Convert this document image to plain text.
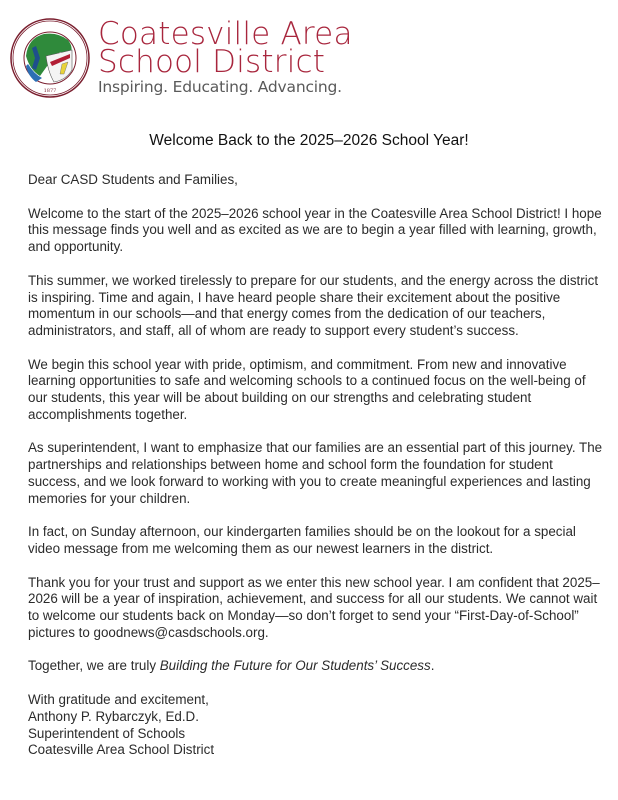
1877
Coatesville Area
School District
Inspiring. Educating. Advancing.
Welcome Back to the 2025–2026 School Year!

Dear CASD Students and Families,

Welcome to the start of the 2025–2026 school year in the Coatesville Area School District! I hope this message finds you well and as excited as we are to begin a year filled with learning, growth, and opportunity.

This summer, we worked tirelessly to prepare for our students, and the energy across the district is inspiring. Time and again, I have heard people share their excitement about the positive momentum in our schools—and that energy comes from the dedication of our teachers, administrators, and staff, all of whom are ready to support every student’s success.

We begin this school year with pride, optimism, and commitment. From new and innovative learning opportunities to safe and welcoming schools to a continued focus on the well-being of our students, this year will be about building on our strengths and celebrating student accomplishments together.

As superintendent, I want to emphasize that our families are an essential part of this journey. The partnerships and relationships between home and school form the foundation for student success, and we look forward to working with you to create meaningful experiences and lasting memories for your children.

In fact, on Sunday afternoon, our kindergarten families should be on the lookout for a special video message from me welcoming them as our newest learners in the district.

Thank you for your trust and support as we enter this new school year. I am confident that 2025–2026 will be a year of inspiration, achievement, and success for all our students. We cannot wait to welcome our students back on Monday—so don’t forget to send your “First-Day-of-School” pictures to goodnews@casdschools.org.

Together, we are truly Building the Future for Our Students’ Success.

With gratitude and excitement,

Anthony P. Rybarczyk, Ed.D.

Superintendent of Schools

Coatesville Area School District
